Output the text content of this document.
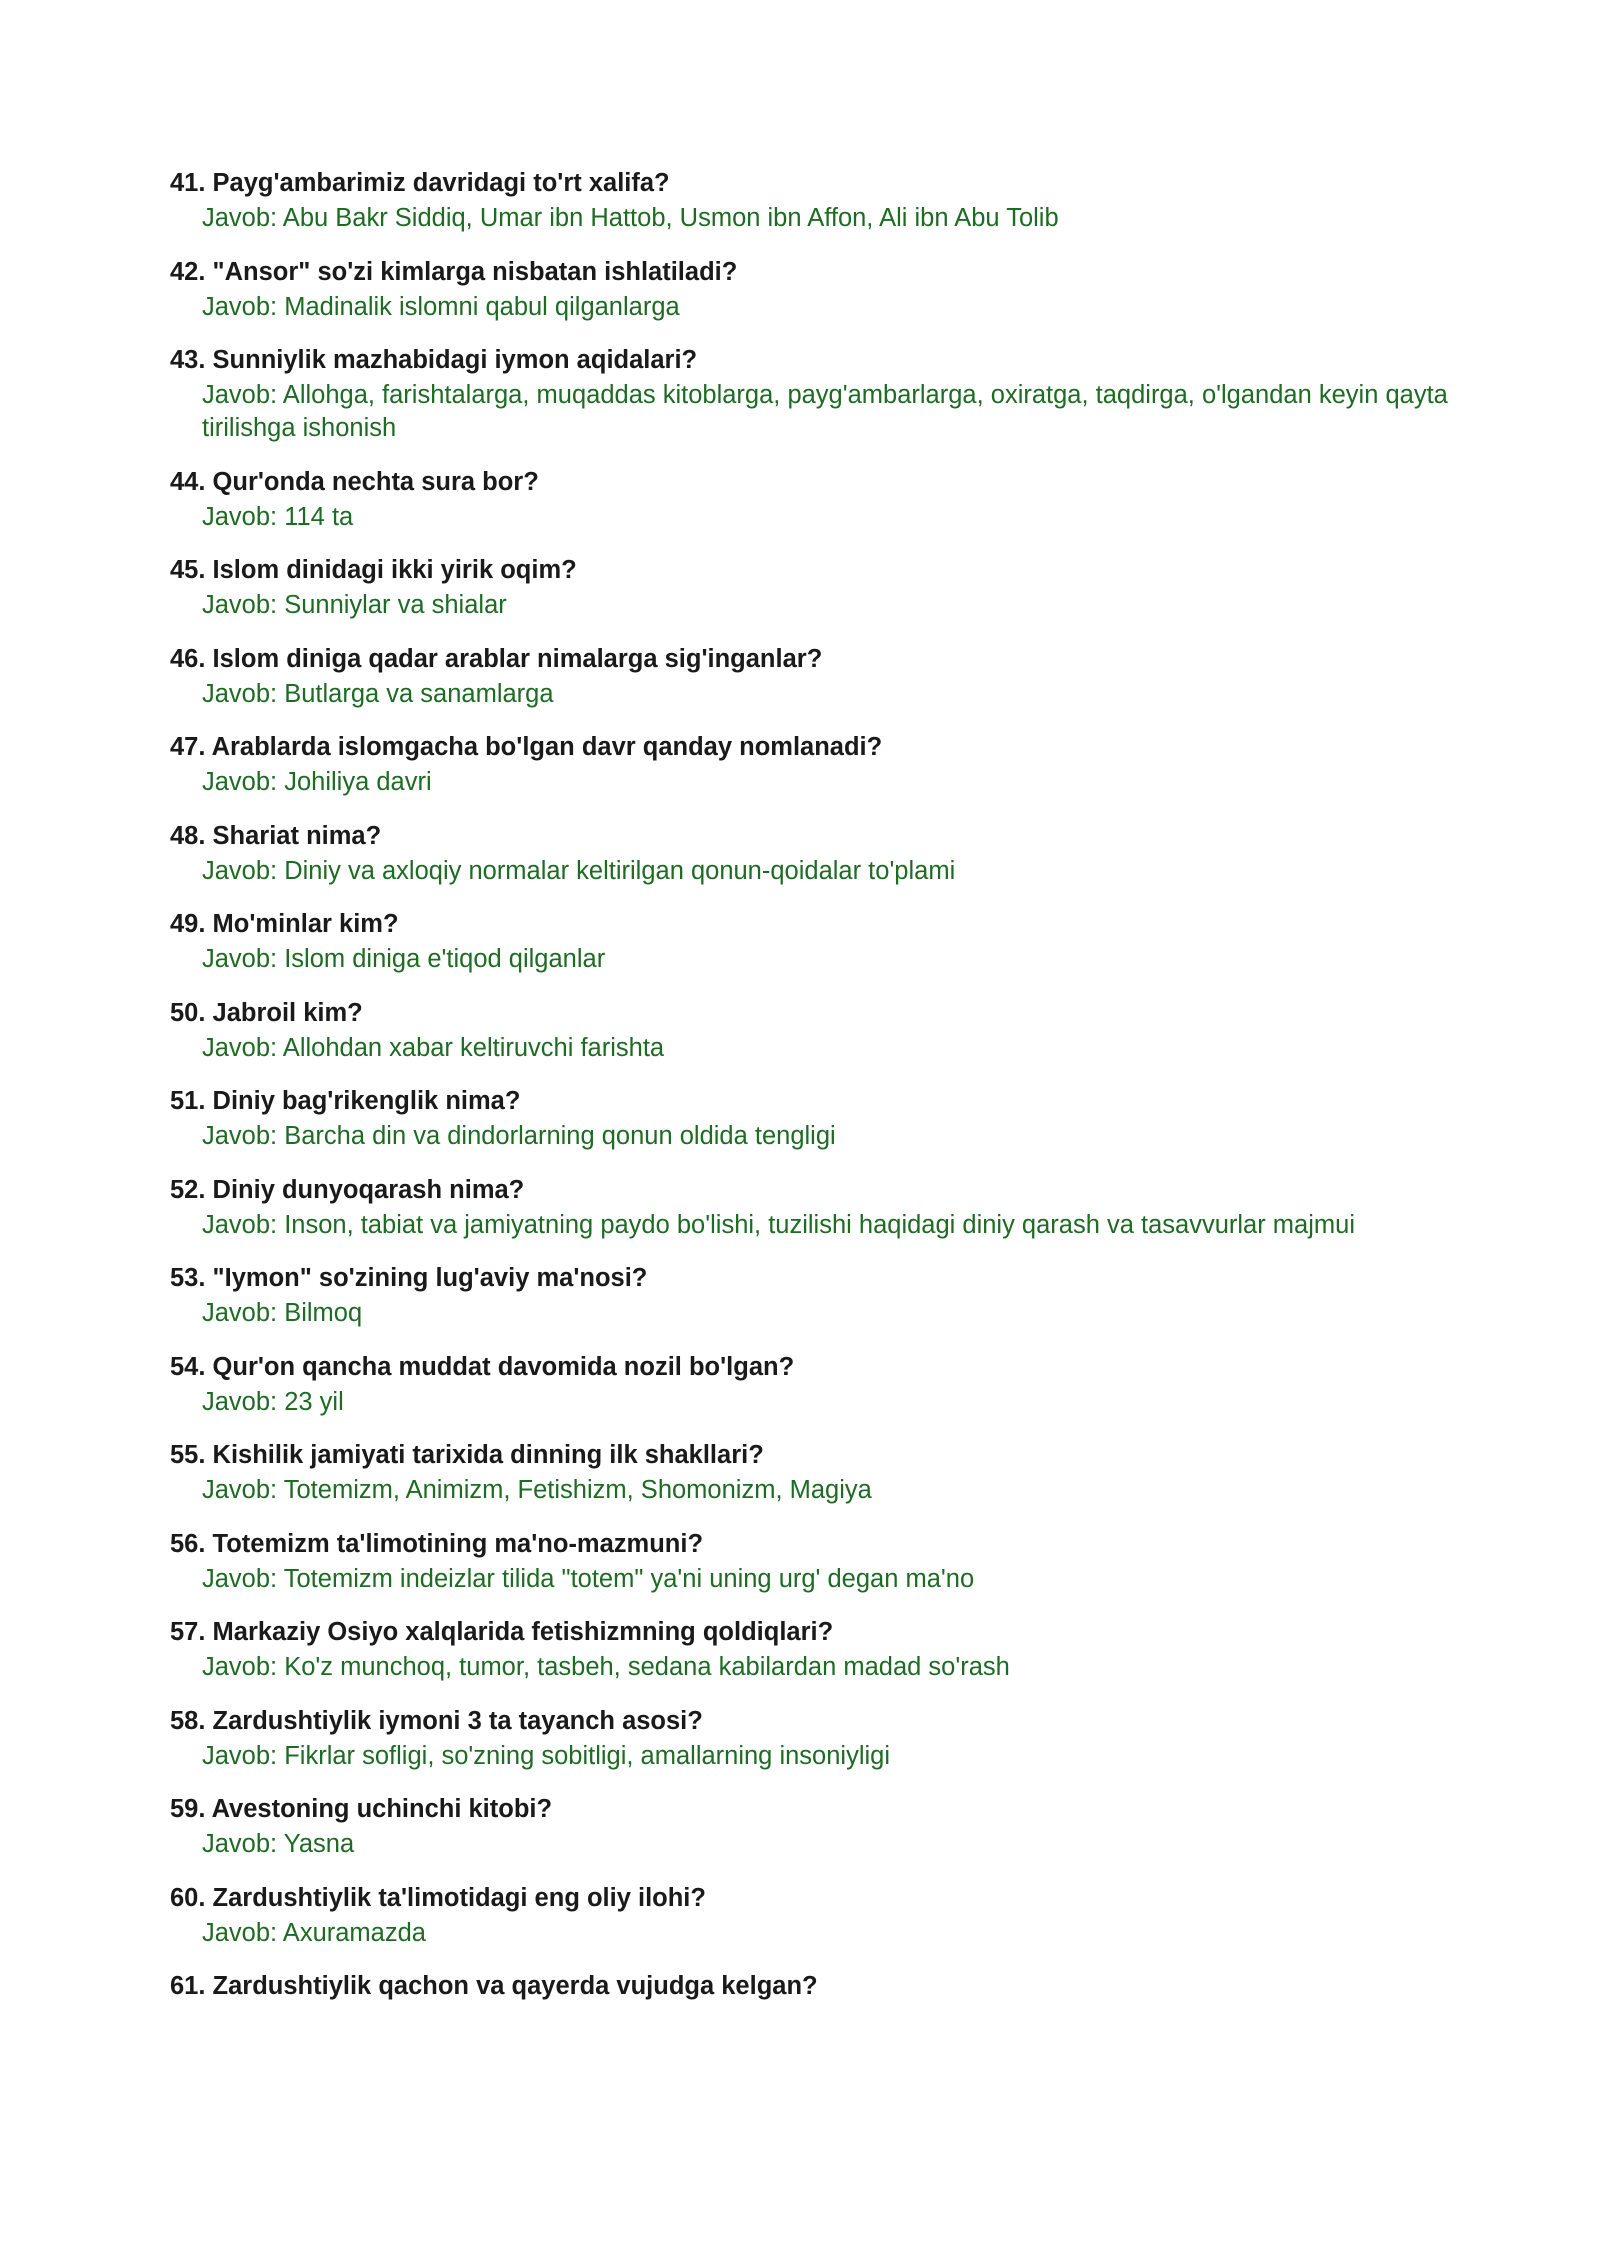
41. Payg'ambarimiz davridagi to'rt xalifa?
Javob: Abu Bakr Siddiq, Umar ibn Hattob, Usmon ibn Affon, Ali ibn Abu Tolib
42. "Ansor" so'zi kimlarga nisbatan ishlatiladi?
Javob: Madinalik islomni qabul qilganlarga
43. Sunniylik mazhabidagi iymon aqidalari?
Javob: Allohga, farishtalarga, muqaddas kitoblarga, payg'ambarlarga, oxiratga, taqdirga, o'lgandan keyin qayta tirilishga ishonish
44. Qur'onda nechta sura bor?
Javob: 114 ta
45. Islom dinidagi ikki yirik oqim?
Javob: Sunniylar va shialar
46. Islom diniga qadar arablar nimalarga sig'inganlar?
Javob: Butlarga va sanamlarga
47. Arablarda islomgacha bo'lgan davr qanday nomlanadi?
Javob: Johiliya davri
48. Shariat nima?
Javob: Diniy va axloqiy normalar keltirilgan qonun-qoidalar to'plami
49. Mo'minlar kim?
Javob: Islom diniga e'tiqod qilganlar
50. Jabroil kim?
Javob: Allohdan xabar keltiruvchi farishta
51. Diniy bag'rikenglik nima?
Javob: Barcha din va dindorlarning qonun oldida tengligi
52. Diniy dunyoqarash nima?
Javob: Inson, tabiat va jamiyatning paydo bo'lishi, tuzilishi haqidagi diniy qarash va tasavvurlar majmui
53. "Iymon" so'zining lug'aviy ma'nosi?
Javob: Bilmoq
54. Qur'on qancha muddat davomida nozil bo'lgan?
Javob: 23 yil
55. Kishilik jamiyati tarixida dinning ilk shakllari?
Javob: Totemizm, Animizm, Fetishizm, Shomonizm, Magiya
56. Totemizm ta'limotining ma'no-mazmuni?
Javob: Totemizm indeizlar tilida "totem" ya'ni uning urg' degan ma'no
57. Markaziy Osiyo xalqlarida fetishizmning qoldiqlari?
Javob: Ko'z munchoq, tumor, tasbeh, sedana kabilardan madad so'rash
58. Zardushtiylik iymoni 3 ta tayanch asosi?
Javob: Fikrlar sofligi, so'zning sobitligi, amallarning insoniyligi
59. Avestoning uchinchi kitobi?
Javob: Yasna
60. Zardushtiylik ta'limotidagi eng oliy ilohi?
Javob: Axuramazda
61. Zardushtiylik qachon va qayerda vujudga kelgan?
